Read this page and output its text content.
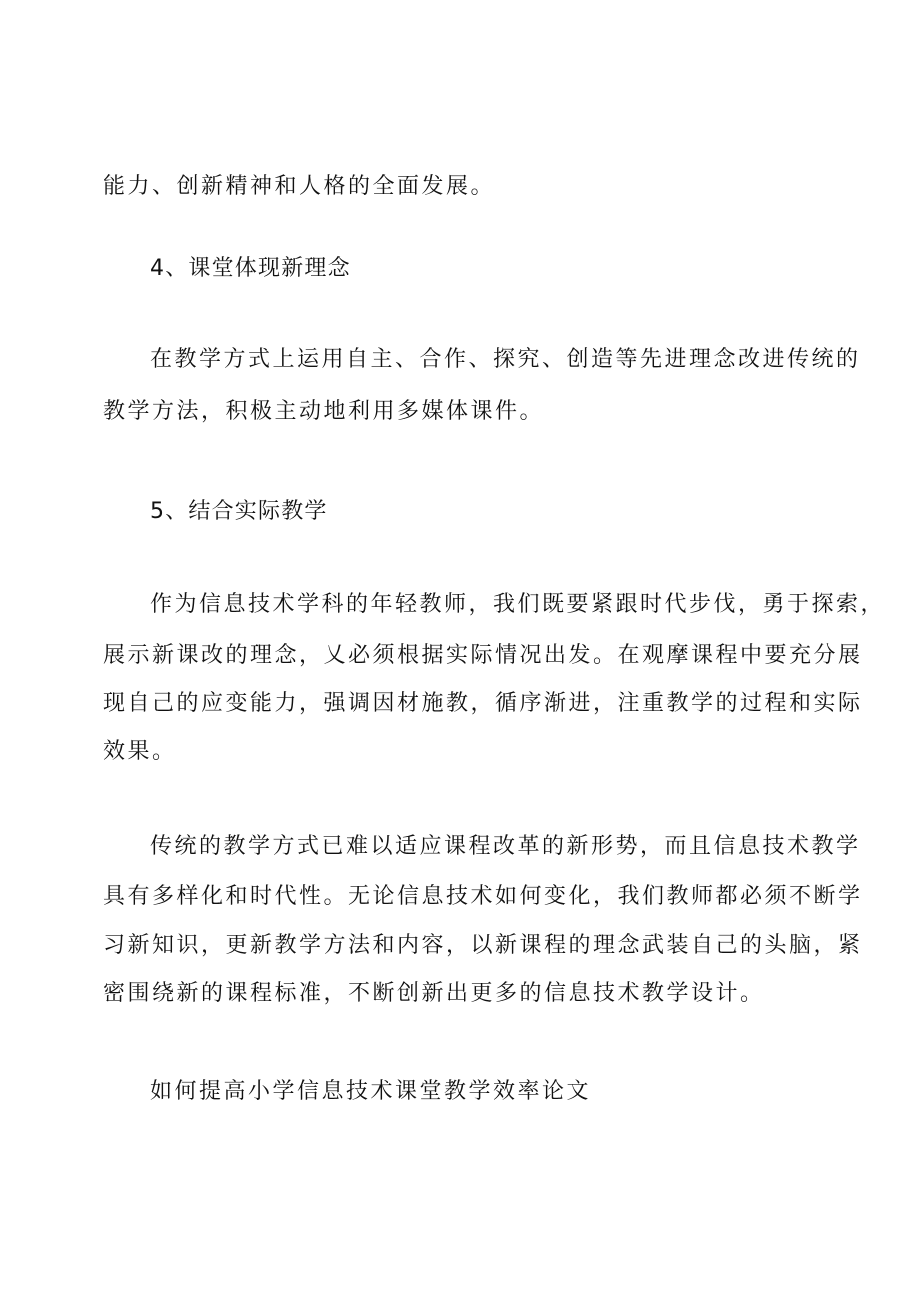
能力、创新精神和人格的全面发展。
4、课堂体现新理念
在教学方式上运用自主、合作、探究、创造等先进理念改进传统的
教学方法，积极主动地利用多媒体课件。
5、结合实际教学
作为信息技术学科的年轻教师，我们既要紧跟时代步伐，勇于探索，
展示新课改的理念，乂必须根据实际情况出发。在观摩课程中要充分展
现自己的应变能力，强调因材施教，循序渐进，注重教学的过程和实际
效果。
传统的教学方式已难以适应课程改革的新形势，而且信息技术教学
具有多样化和时代性。无论信息技术如何变化，我们教师都必须不断学
习新知识，更新教学方法和内容，以新课程的理念武装自己的头脑，紧
密围绕新的课程标准，不断创新出更多的信息技术教学设计。
如何提高小学信息技术课堂教学效率论文
